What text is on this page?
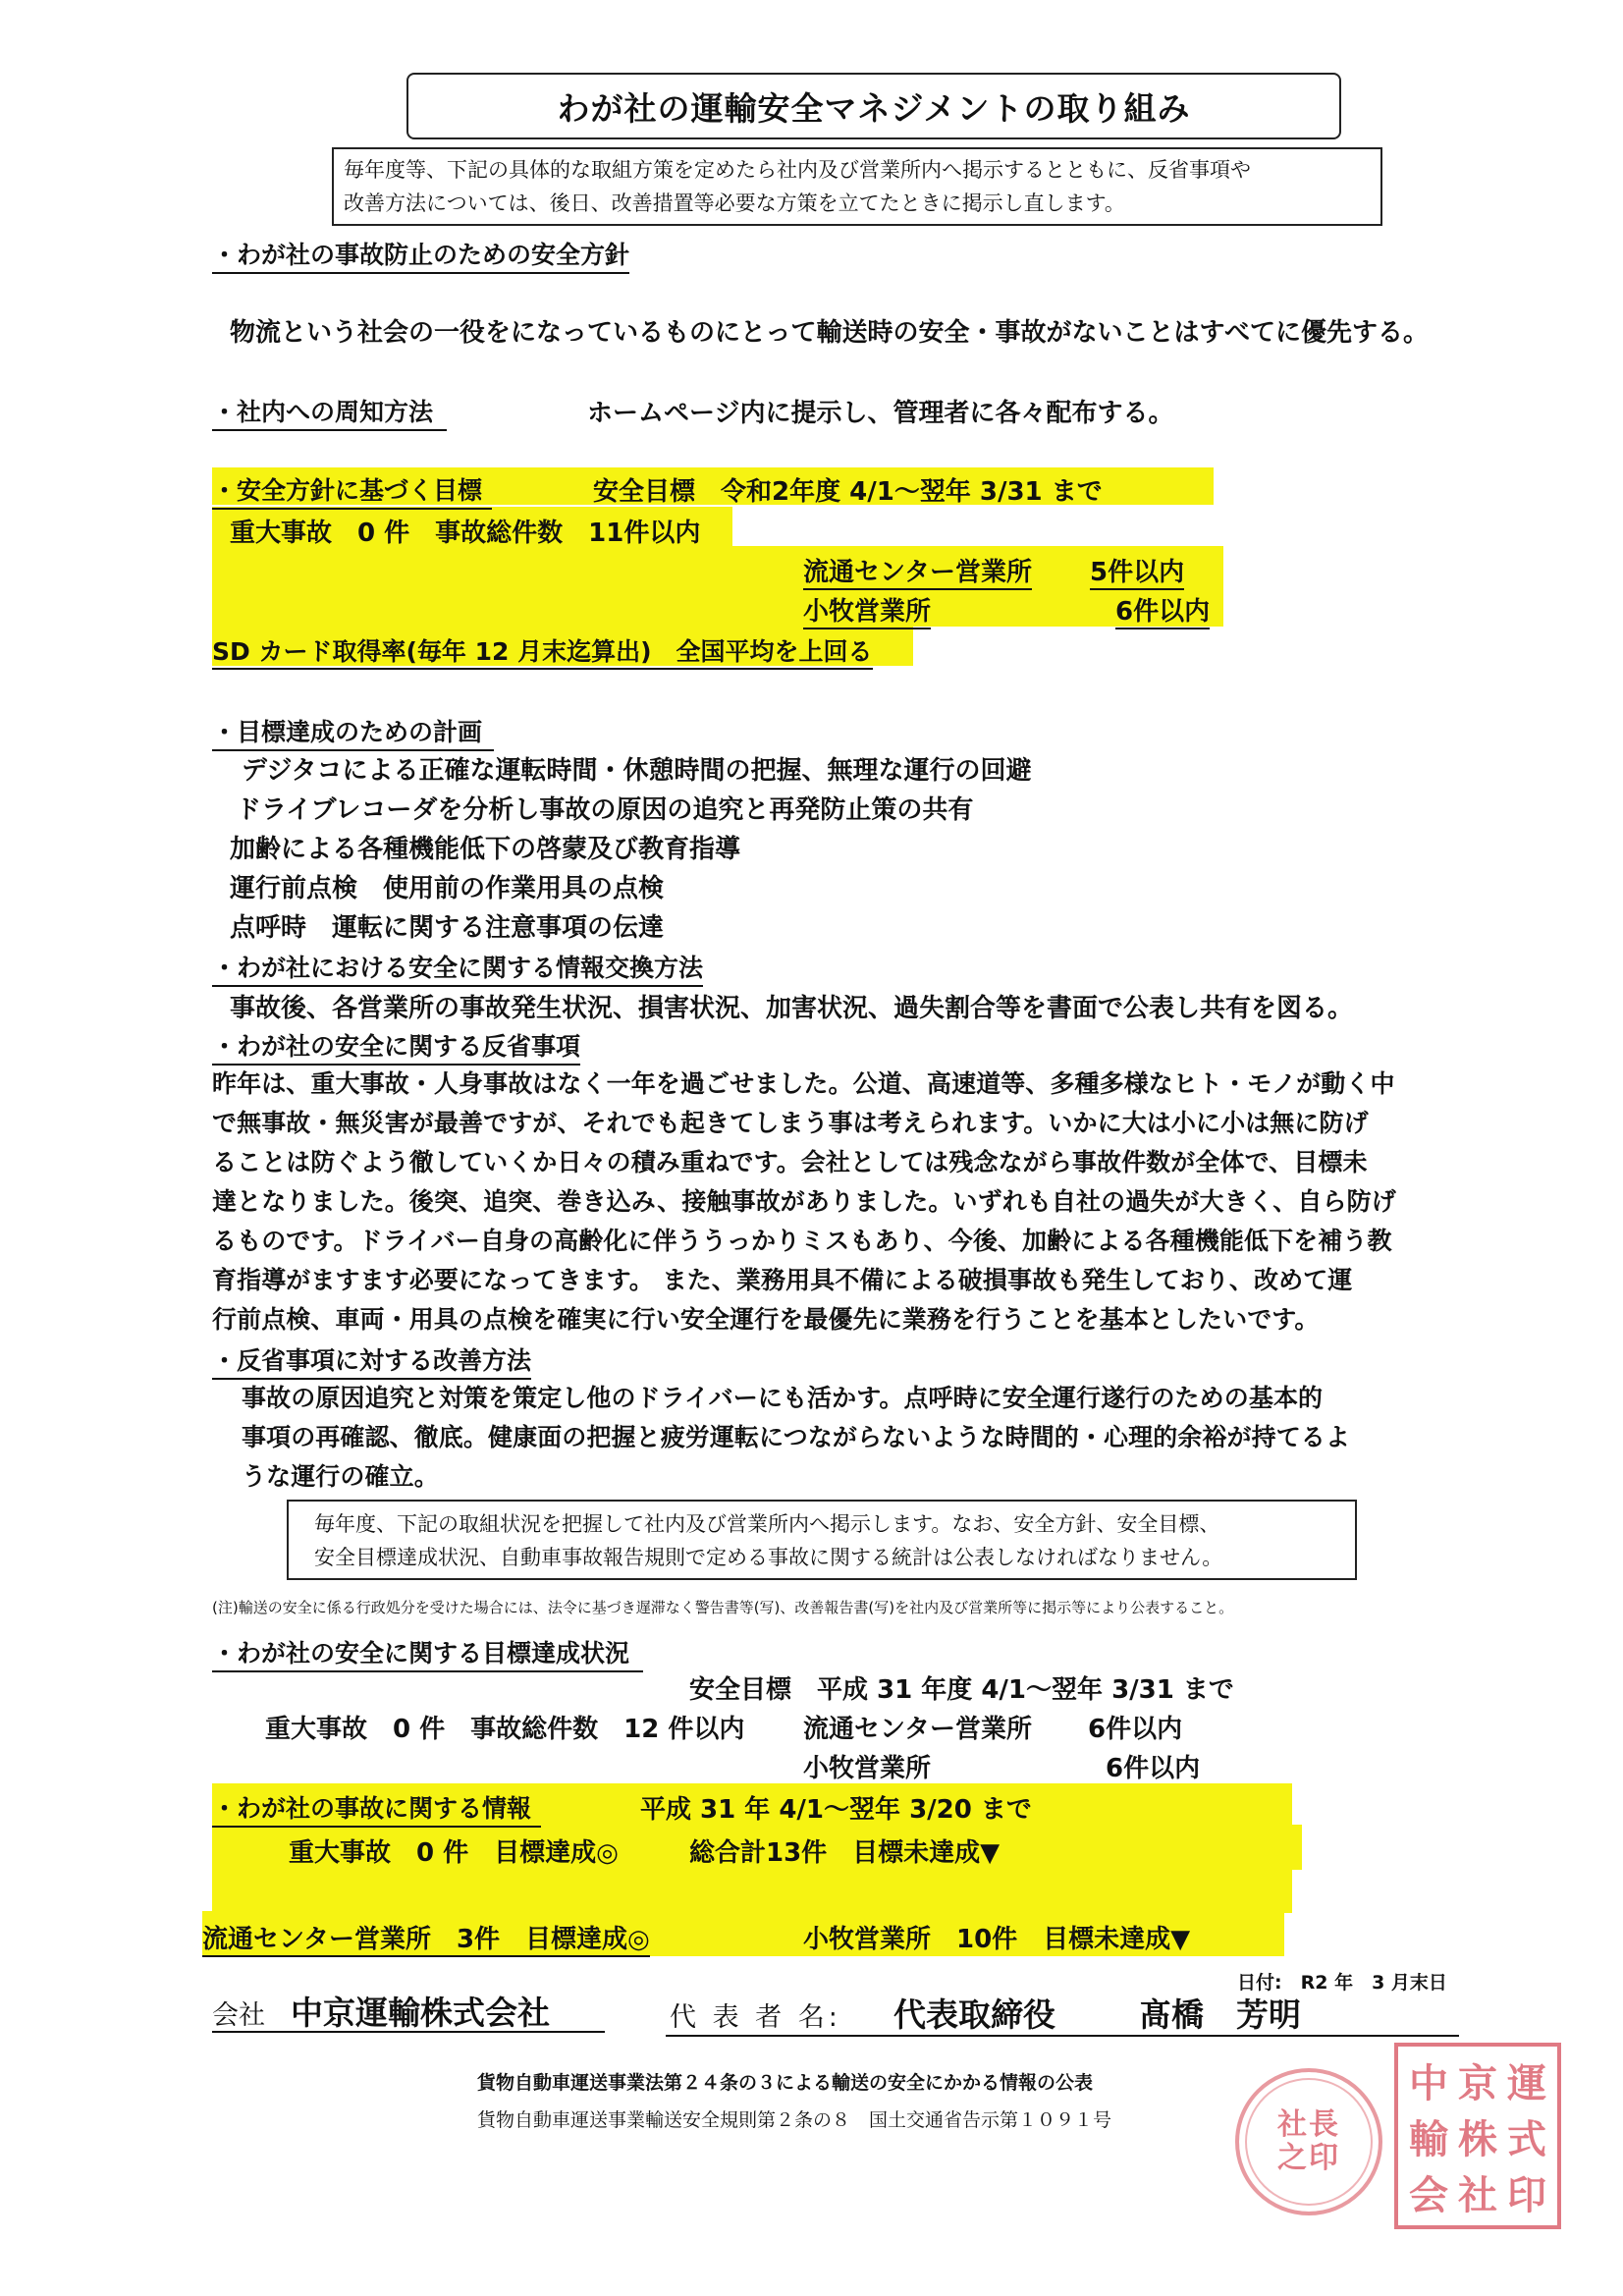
わが社の運輸安全マネジメントの取り組み
毎年度等、下記の具体的な取組方策を定めたら社内及び営業所内へ掲示するとともに、反省事項や
改善方法については、後日、改善措置等必要な方策を立てたときに掲示し直します。
・わが社の事故防止のための安全方針
物流という社会の一役をになっているものにとって輸送時の安全・事故がないことはすべてに優先する。
・社内への周知方法	ホームページ内に提示し、管理者に各々配布する。
・安全方針に基づく目標	安全目標　令和2年度 4/1～翌年 3/31 まで
重大事故　0 件　事故総件数　11件以内
流通センター営業所 5件以内
小牧営業所	6件以内
SD カード取得率(毎年 12 月末迄算出)　全国平均を上回る
・目標達成のための計画
デジタコによる正確な運転時間・休憩時間の把握、無理な運行の回避
ドライブレコーダを分析し事故の原因の追究と再発防止策の共有
加齢による各種機能低下の啓蒙及び教育指導
運行前点検　使用前の作業用具の点検
点呼時　運転に関する注意事項の伝達
・わが社における安全に関する情報交換方法
事故後、各営業所の事故発生状況、損害状況、加害状況、過失割合等を書面で公表し共有を図る。
・わが社の安全に関する反省事項
昨年は、重大事故・人身事故はなく一年を過ごせました。公道、高速道等、多種多様なヒト・モノが動く中
で無事故・無災害が最善ですが、それでも起きてしまう事は考えられます。いかに大は小に小は無に防げ
ることは防ぐよう徹していくか日々の積み重ねです。会社としては残念ながら事故件数が全体で、目標未
達となりました。後突、追突、巻き込み、接触事故がありました。いずれも自社の過失が大きく、自ら防げ
るものです。ドライバー自身の高齢化に伴ううっかりミスもあり、今後、加齢による各種機能低下を補う教
育指導がますます必要になってきます。 また、業務用具不備による破損事故も発生しており、改めて運
行前点検、車両・用具の点検を確実に行い安全運行を最優先に業務を行うことを基本としたいです。
・反省事項に対する改善方法
事故の原因追究と対策を策定し他のドライバーにも活かす。点呼時に安全運行遂行のための基本的
事項の再確認、徹底。健康面の把握と疲労運転につながらないような時間的・心理的余裕が持てるよ
うな運行の確立。
毎年度、下記の取組状況を把握して社内及び営業所内へ掲示します。なお、安全方針、安全目標、
安全目標達成状況、自動車事故報告規則で定める事故に関する統計は公表しなければなりません。
(注)輸送の安全に係る行政処分を受けた場合には、法令に基づき遅滞なく警告書等(写)、改善報告書(写)を社内及び営業所等に掲示等により公表すること。
・わが社の安全に関する目標達成状況
安全目標　平成 31 年度 4/1～翌年 3/31 まで
重大事故　0 件　事故総件数　12 件以内 流通センター営業所 6件以内
小牧営業所	6件以内
・わが社の事故に関する情報	平成 31 年 4/1～翌年 3/20 まで
重大事故　0 件　目標達成◎	総合計13件　目標未達成▼
流通センター営業所　3件　目標達成◎	小牧営業所　10件　目標未達成▼
日付:　R2 年　3 月末日
会社 中京運輸株式会社	代 表 者 名: 代表取締役	髙橋　芳明
貨物自動車運送事業法第２４条の３による輸送の安全にかかる情報の公表
貨物自動車運送事業輸送安全規則第２条の８　国土交通省告示第１０９１号	社長
之印
中 京 運
輸 株 式
会 社 印
